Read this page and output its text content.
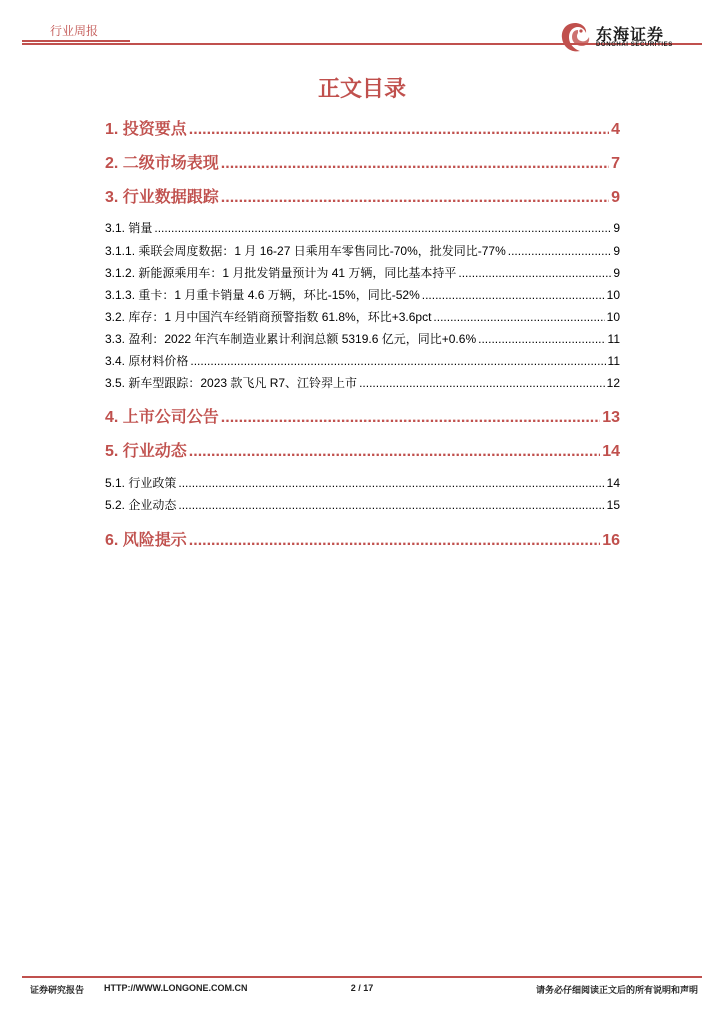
行业周报	东海证券
DONGHAI SECURITIES
正文目录
1. 投资要点 .....	4
2. 二级市场表现 .....	7
3. 行业数据跟踪 .....	9
3.1. 销量 .....	9
3.1.1. 乘联会周度数据：1 月 16-27 日乘用车零售同比-70%，批发同比-77% .....	9
3.1.2. 新能源乘用车：1 月批发销量预计为 41 万辆，同比基本持平 .....	9
3.1.3. 重卡：1 月重卡销量 4.6 万辆，环比-15%，同比-52% .....	10
3.2. 库存：1 月中国汽车经销商预警指数 61.8%，环比+3.6pct .....	10
3.3. 盈利：2022 年汽车制造业累计利润总额 5319.6 亿元，同比+0.6% .....	11
3.4. 原材料价格 .....	11
3.5. 新车型跟踪：2023 款飞凡 R7、江铃羿上市 .....	12
4. 上市公司公告 .....	13
5. 行业动态 .....	14
5.1. 行业政策 .....	14
5.2. 企业动态 .....	15
6. 风险提示 .....	16
证券研究报告 HTTP://WWW.LONGONE.COM.CN	2 / 17	请务必仔细阅读正文后的所有说明和声明
